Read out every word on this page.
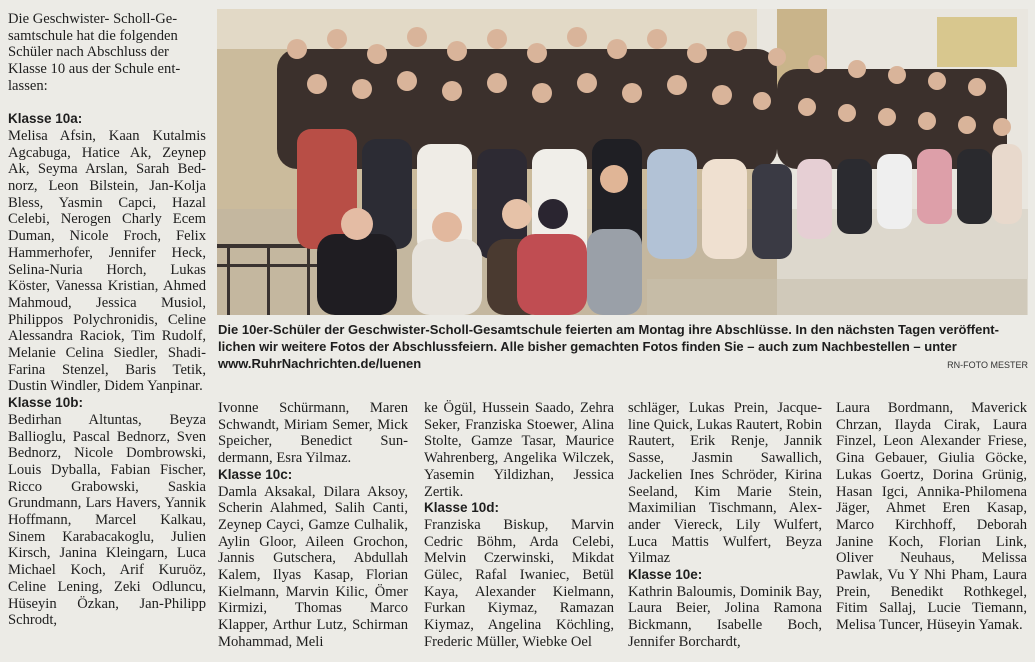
Die Geschwister- Scholl-Gesamtschule hat die folgenden Schüler nach Abschluss der Klasse 10 aus der Schule entlassen:

Klasse 10a:

Melisa Afsin, Kaan Kutalmis Agcabuga, Hatice Ak, Zeynep Ak, Seyma Arslan, Sarah Bednorz, Leon Bilstein, Jan-Kolja Bless, Yasmin Capci, Hazal Celebi, Nerogen Charly Ecem Duman, Nicole Froch, Felix Hammerhofer, Jennifer Heck, Selina-Nuria Horch, Lukas Köster, Vanessa Kristian, Ahmed Mahmoud, Jessica Musiol, Philippos Polychronidis, Celine Alessandra Raciok, Tim Rudolf, Melanie Celina Siedler, Shadi-Farina Stenzel, Baris Tetik, Dustin Windler, Didem Yanpinar.

Klasse 10b:

Bedirhan Altuntas, Beyza Ballioglu, Pascal Bednorz, Sven Bednorz, Nicole Dombrowski, Louis Dyballa, Fabian Fischer, Ricco Grabowski, Saskia Grundmann, Lars Havers, Yannik Hoffmann, Marcel Kalkau, Sinem Karabacakoglu, Julien Kirsch, Janina Kleingarn, Luca Michael Koch, Arif Kuruöz, Celine Lening, Zeki Odluncu, Hüseyin Özkan, Jan-Philipp Schrodt,

Die 10er-Schüler der Geschwister-Scholl-Gesamtschule feierten am Montag ihre Abschlüsse. In den nächsten Tagen veröffentlichen wir weitere Fotos der Abschlussfeiern. Alle bisher gemachten Fotos finden Sie – auch zum Nachbestellen – unter
www.RuhrNachrichten.de/luenen	RN-FOTO MESTER

Ivonne Schürmann, Maren Schwandt, Miriam Semer, Mick Speicher, Benedict Sundermann, Esra Yilmaz.

Klasse 10c:

Damla Aksakal, Dilara Aksoy, Scherin Alahmed, Salih Canti, Zeynep Cayci, Gamze Culhalik, Aylin Gloor, Aileen Grochon, Jannis Gutschera, Abdullah Kalem, Ilyas Kasap, Florian Kielmann, Marvin Kilic, Ömer Kirmizi, Thomas Marco Klapper, Arthur Lutz, Schirman Mohammad, Meli

ke Ögül, Hussein Saado, Zehra Seker, Franziska Stoewer, Alina Stolte, Gamze Tasar, Maurice Wahrenberg, Angelika Wilczek, Yasemin Yildizhan, Jessica Zertik.

Klasse 10d:

Franziska Biskup, Marvin Cedric Böhm, Arda Celebi, Melvin Czerwinski, Mikdat Gülec, Rafal Iwaniec, Betül Kaya, Alexander Kielmann, Furkan Kiymaz, Ramazan Kiymaz, Angelina Köchling, Frederic Müller, Wiebke Oel

schläger, Lukas Prein, Jacqueline Quick, Lukas Rautert, Robin Rautert, Erik Renje, Jannik Sasse, Jasmin Sawallich, Jackelien Ines Schröder, Kirina Seeland, Kim Marie Stein, Maximilian Tischmann, Alexander Viereck, Lily Wulfert, Luca Mattis Wulfert, Beyza Yilmaz

Klasse 10e:

Kathrin Baloumis, Dominik Bay, Laura Beier, Jolina Ramona Bickmann, Isabelle Boch, Jennifer Borchardt,

Laura Bordmann, Maverick Chrzan, Ilayda Cirak, Laura Finzel, Leon Alexander Friese, Gina Gebauer, Giulia Göcke, Lukas Goertz, Dorina Grünig, Hasan Igci, Annika-Philomena Jäger, Ahmet Eren Kasap, Marco Kirchhoff, Deborah Janine Koch, Florian Link, Oliver Neuhaus, Melissa Pawlak, Vu Y Nhi Pham, Laura Prein, Benedikt Rothkegel, Fitim Sallaj, Lucie Tiemann, Melisa Tuncer, Hüseyin Yamak.
